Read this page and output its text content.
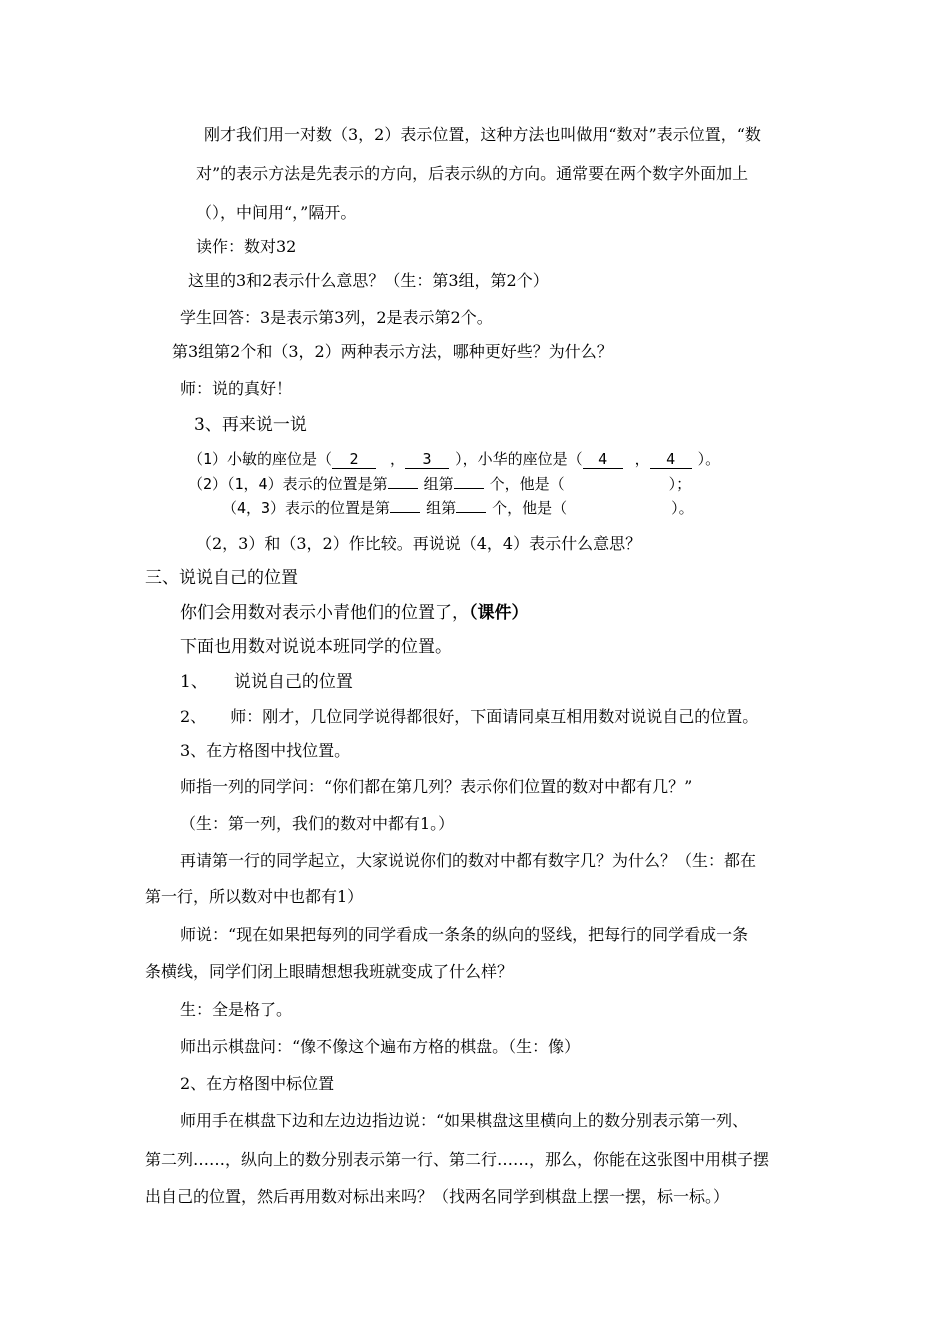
刚才我们用一对数（3，2）表示位置，这种方法也叫做用“数对”表示位置，“数
对”的表示方法是先表示的方向，后表示纵的方向。通常要在两个数字外面加上
（），中间用“，”隔开。
读作：数对32
这里的3和2表示什么意思？（生：第3组，第2个）
学生回答：3是表示第3列，2是表示第2个。
第3组第2个和（3，2）两种表示方法，哪种更好些？为什么？
师：说的真好！
3、再来说一说
（1）小敏的座位是（ 2 ， 3 ），小华的座位是（ 4 ， 4 ）。
（2）（1，4）表示的位置是第 组第 个，他是（	）；
（4，3）表示的位置是第 组第 个，他是（	）。
（2，3）和（3，2）作比较。再说说（4，4）表示什么意思？
三、说说自己的位置
你们会用数对表示小青他们的位置了，（课件）
下面也用数对说说本班同学的位置。
1、 说说自己的位置
2、 师：刚才，几位同学说得都很好，下面请同桌互相用数对说说自己的位置。
3、在方格图中找位置。
师指一列的同学问：“你们都在第几列？表示你们位置的数对中都有几？”
（生：第一列，我们的数对中都有1。）
再请第一行的同学起立，大家说说你们的数对中都有数字几？为什么？（生：都在
第一行，所以数对中也都有1）
师说：“现在如果把每列的同学看成一条条的纵向的竖线，把每行的同学看成一条
条横线，同学们闭上眼睛想想我班就变成了什么样？
生：全是格了。
师出示棋盘问：“像不像这个遍布方格的棋盘。（生：像）
2、在方格图中标位置
师用手在棋盘下边和左边边指边说：“如果棋盘这里横向上的数分别表示第一列、
第二列……，纵向上的数分别表示第一行、第二行……，那么，你能在这张图中用棋子摆
出自己的位置，然后再用数对标出来吗？（找两名同学到棋盘上摆一摆，标一标。）
